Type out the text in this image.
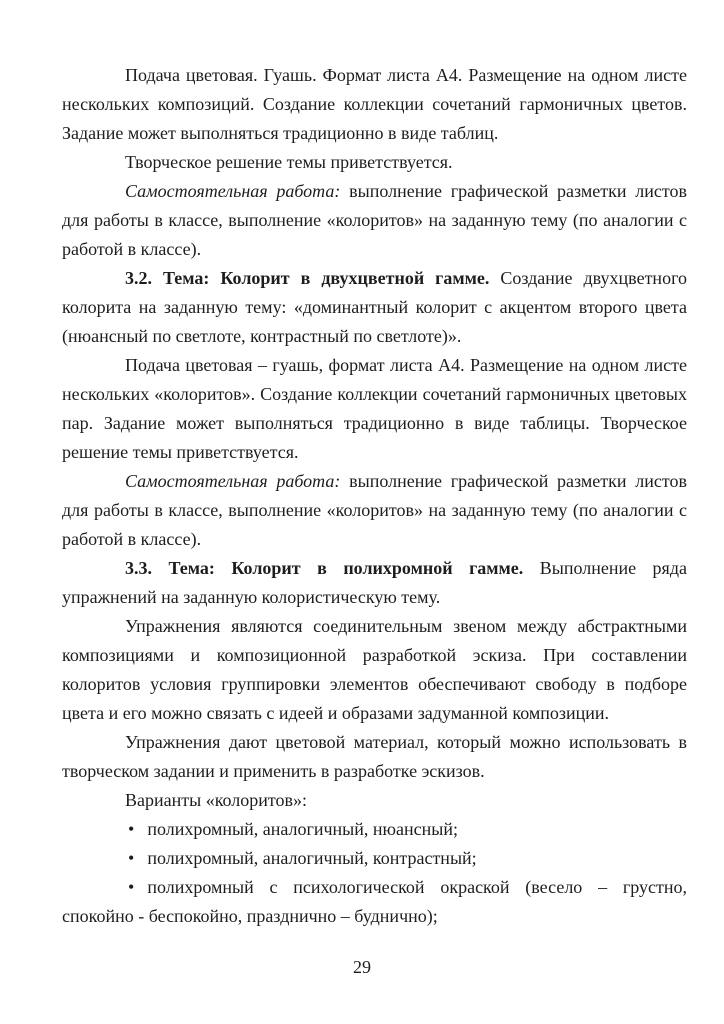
Подача цветовая. Гуашь. Формат листа А4. Размещение на одном листе нескольких композиций. Создание коллекции сочетаний гармоничных цветов. Задание может выполняться традиционно в виде таблиц.

Творческое решение темы приветствуется.

Самостоятельная работа: выполнение графической разметки листов для работы в классе, выполнение «колоритов» на заданную тему (по аналогии с работой в классе).

3.2. Тема: Колорит в двухцветной гамме. Создание двухцветного колорита на заданную тему: «доминантный колорит с акцентом второго цвета (нюансный по светлоте, контрастный по светлоте)».

Подача цветовая – гуашь, формат листа А4. Размещение на одном листе нескольких «колоритов». Создание коллекции сочетаний гармоничных цветовых пар. Задание может выполняться традиционно в виде таблицы. Творческое решение темы приветствуется.

Самостоятельная работа: выполнение графической разметки листов для работы в классе, выполнение «колоритов» на заданную тему (по аналогии с работой в классе).

3.3. Тема: Колорит в полихромной гамме. Выполнение ряда упражнений на заданную колористическую тему.

Упражнения являются соединительным звеном между абстрактными композициями и композиционной разработкой эскиза. При составлении колоритов условия группировки элементов обеспечивают свободу в подборе цвета и его можно связать с идеей и образами задуманной композиции.

Упражнения дают цветовой материал, который можно использовать в творческом задании и применить в разработке эскизов.

Варианты «колоритов»:

• полихромный, аналогичный, нюансный;

• полихромный, аналогичный, контрастный;

• полихромный с психологической окраской (весело – грустно, спокойно - беспокойно, празднично – буднично);

29
